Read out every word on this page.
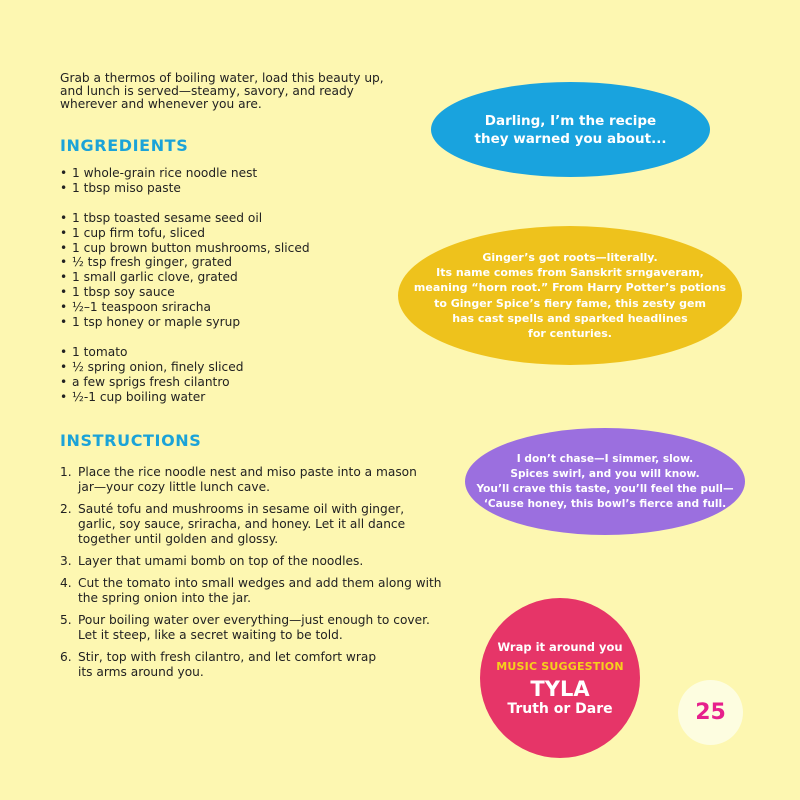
Grab a thermos of boiling water, load this beauty up,
and lunch is served—steamy, savory, and ready
wherever and whenever you are.

INGREDIENTS
• 1 whole-grain rice noodle nest
• 1 tbsp miso paste
• 1 tbsp toasted sesame seed oil
• 1 cup firm tofu, sliced
• 1 cup brown button mushrooms, sliced
• ½ tsp fresh ginger, grated
• 1 small garlic clove, grated
• 1 tbsp soy sauce
• ½–1 teaspoon sriracha
• 1 tsp honey or maple syrup
• 1 tomato
• ½ spring onion, finely sliced
• a few sprigs fresh cilantro
• ½-1 cup boiling water
INSTRUCTIONS
1. Place the rice noodle nest and miso paste into a mason
jar—your cozy little lunch cave.
2. Sauté tofu and mushrooms in sesame oil with ginger,
garlic, soy sauce, sriracha, and honey. Let it all dance
together until golden and glossy.
3. Layer that umami bomb on top of the noodles.
4. Cut the tomato into small wedges and add them along with
the spring onion into the jar.
5. Pour boiling water over everything—just enough to cover.
Let it steep, like a secret waiting to be told.
6. Stir, top with fresh cilantro, and let comfort wrap
its arms around you.

Darling, I’m the recipe

they warned you about...

Ginger’s got roots—literally.

Its name comes from Sanskrit srngaveram,

meaning “horn root.” From Harry Potter’s potions

to Ginger Spice’s fiery fame, this zesty gem

has cast spells and sparked headlines

for centuries.

I don’t chase—I simmer, slow.

Spices swirl, and you will know.

You’ll crave this taste, you’ll feel the pull—

‘Cause honey, this bowl’s fierce and full.

Wrap it around you
MUSIC SUGGESTION
TYLA
Truth or Dare	25
